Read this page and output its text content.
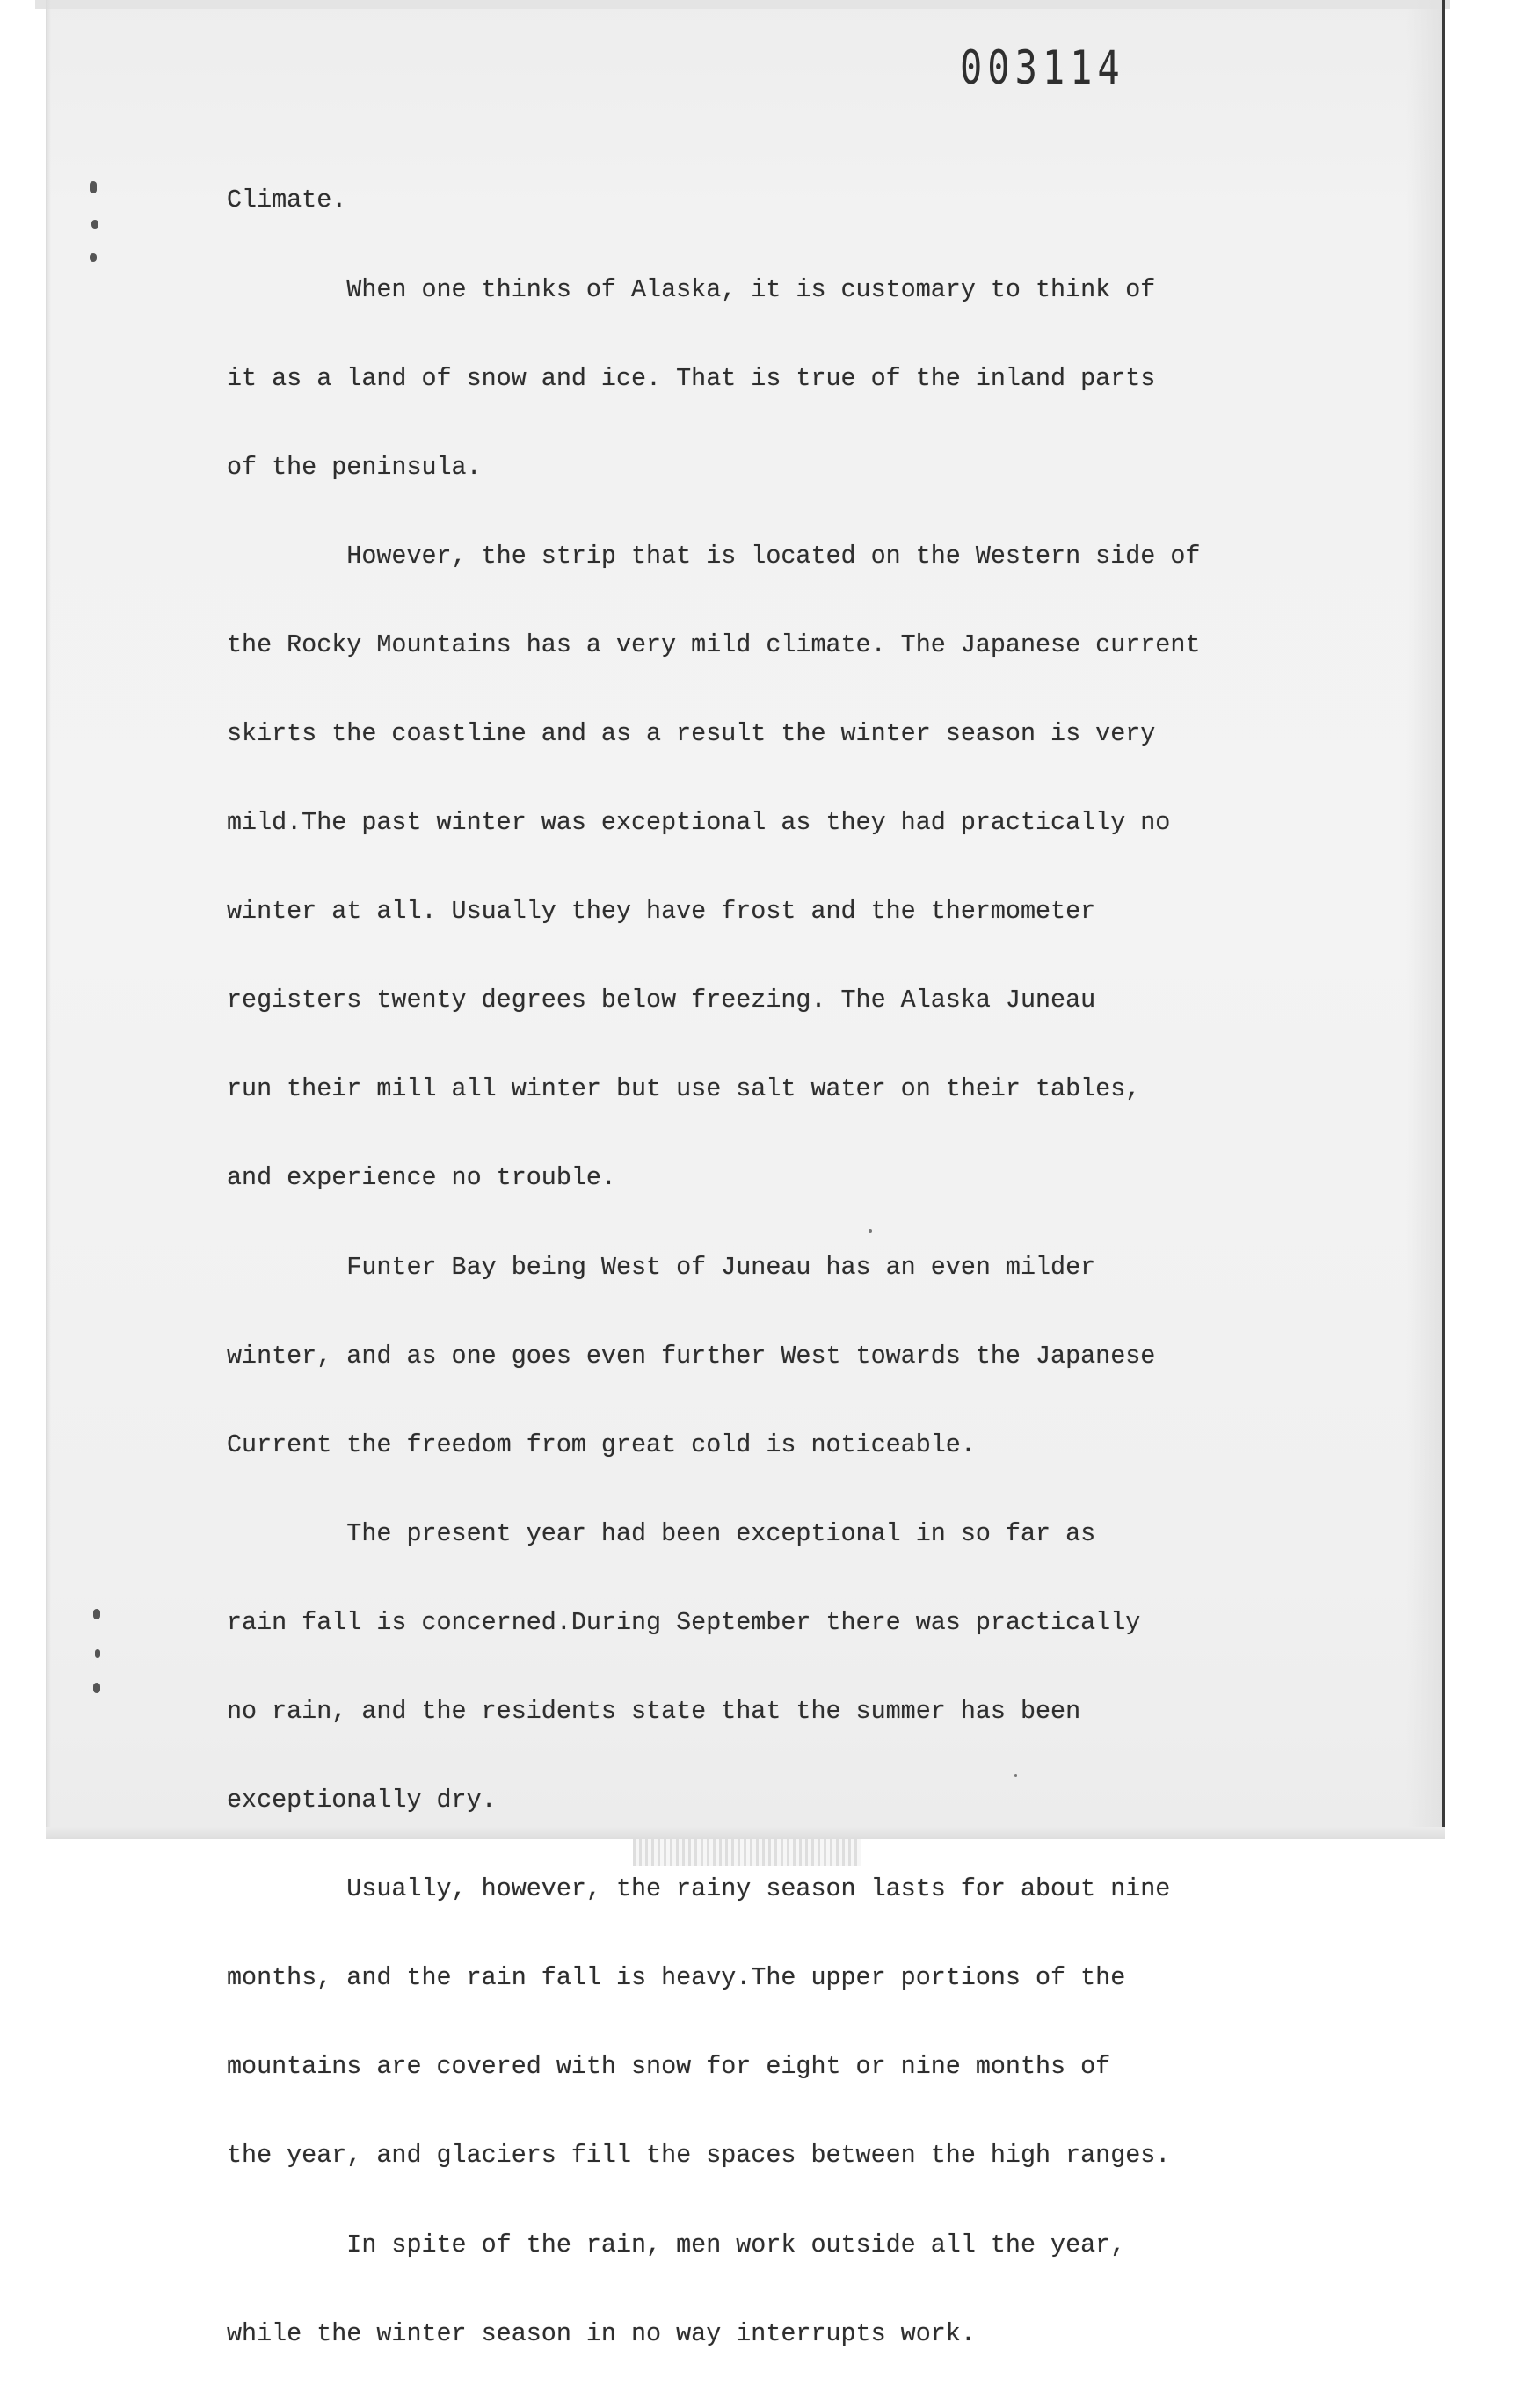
003114

Climate.

When one thinks of Alaska, it is customary to think of

it as a land of snow and ice. That is true of the inland parts

of the peninsula.

However, the strip that is located on the Western side of

the Rocky Mountains has a very mild climate. The Japanese current

skirts the coastline and as a result the winter season is very

mild.The past winter was exceptional as they had practically no

winter at all. Usually they have frost and the thermometer

registers twenty degrees below freezing. The Alaska Juneau

run their mill all winter but use salt water on their tables,

and experience no trouble.

Funter Bay being West of Juneau has an even milder

winter, and as one goes even further West towards the Japanese

Current the freedom from great cold is noticeable.

The present year had been exceptional in so far as

rain fall is concerned.During September there was practically

no rain, and the residents state that the summer has been

exceptionally dry.

Usually, however, the rainy season lasts for about nine

months, and the rain fall is heavy.The upper portions of the

mountains are covered with snow for eight or nine months of

the year, and glaciers fill the spaces between the high ranges.

In spite of the rain, men work outside all the year,

while the winter season in no way interrupts work.
